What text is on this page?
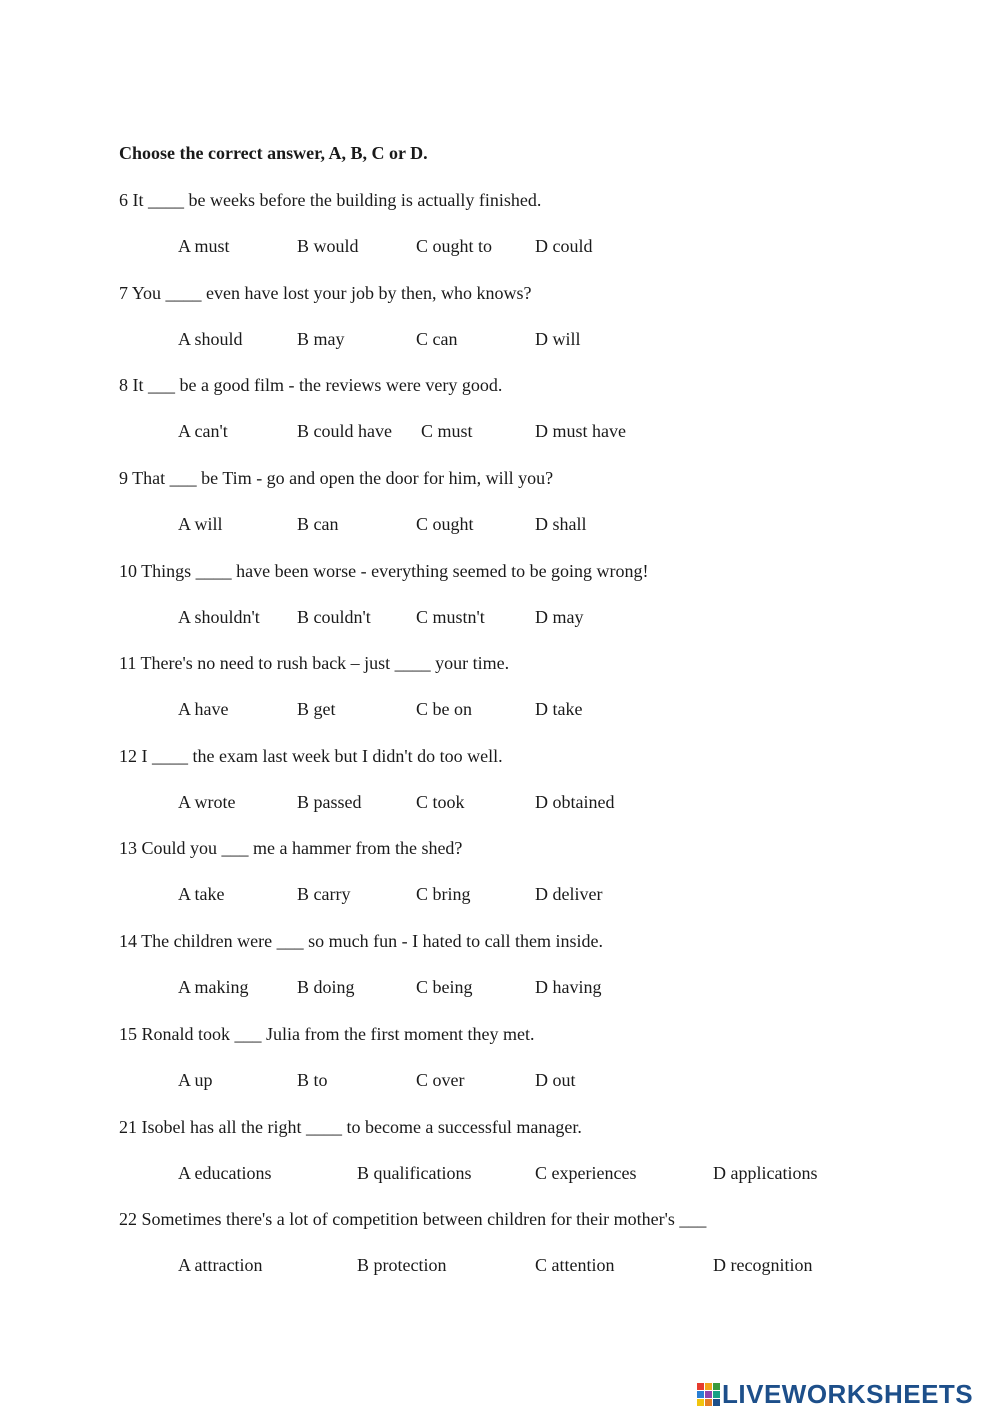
Choose the correct answer, A, B, C or D.
6 It ____ be weeks before the building is actually finished.
A must	B would	C ought to D could
7 You ____ even have lost your job by then, who knows?
A should	B may	C can	D will
8 It ___ be a good film - the reviews were very good.
A can't	B could have C must	D must have
9 That ___ be Tim - go and open the door for him, will you?
A will	B can	C ought	D shall
10 Things ____ have been worse - everything seemed to be going wrong!
A shouldn't B couldn't	C mustn't	D may
11 There's no need to rush back – just ____ your time.
A have	B get	C be on	D take
12 I ____ the exam last week but I didn't do too well.
A wrote	B passed	C took	D obtained
13 Could you ___ me a hammer from the shed?
A take	B carry	C bring	D deliver
14 The children were ___ so much fun - I hated to call them inside.
A making	B doing	C being	D having
15 Ronald took ___ Julia from the first moment they met.
A up	B to	C over	D out
21 Isobel has all the right ____ to become a successful manager.
A educations	B qualifications	C experiences	D applications
22 Sometimes there's a lot of competition between children for their mother's ___
A attraction	B protection	C attention	D recognition
LIVEWORKSHEETS
